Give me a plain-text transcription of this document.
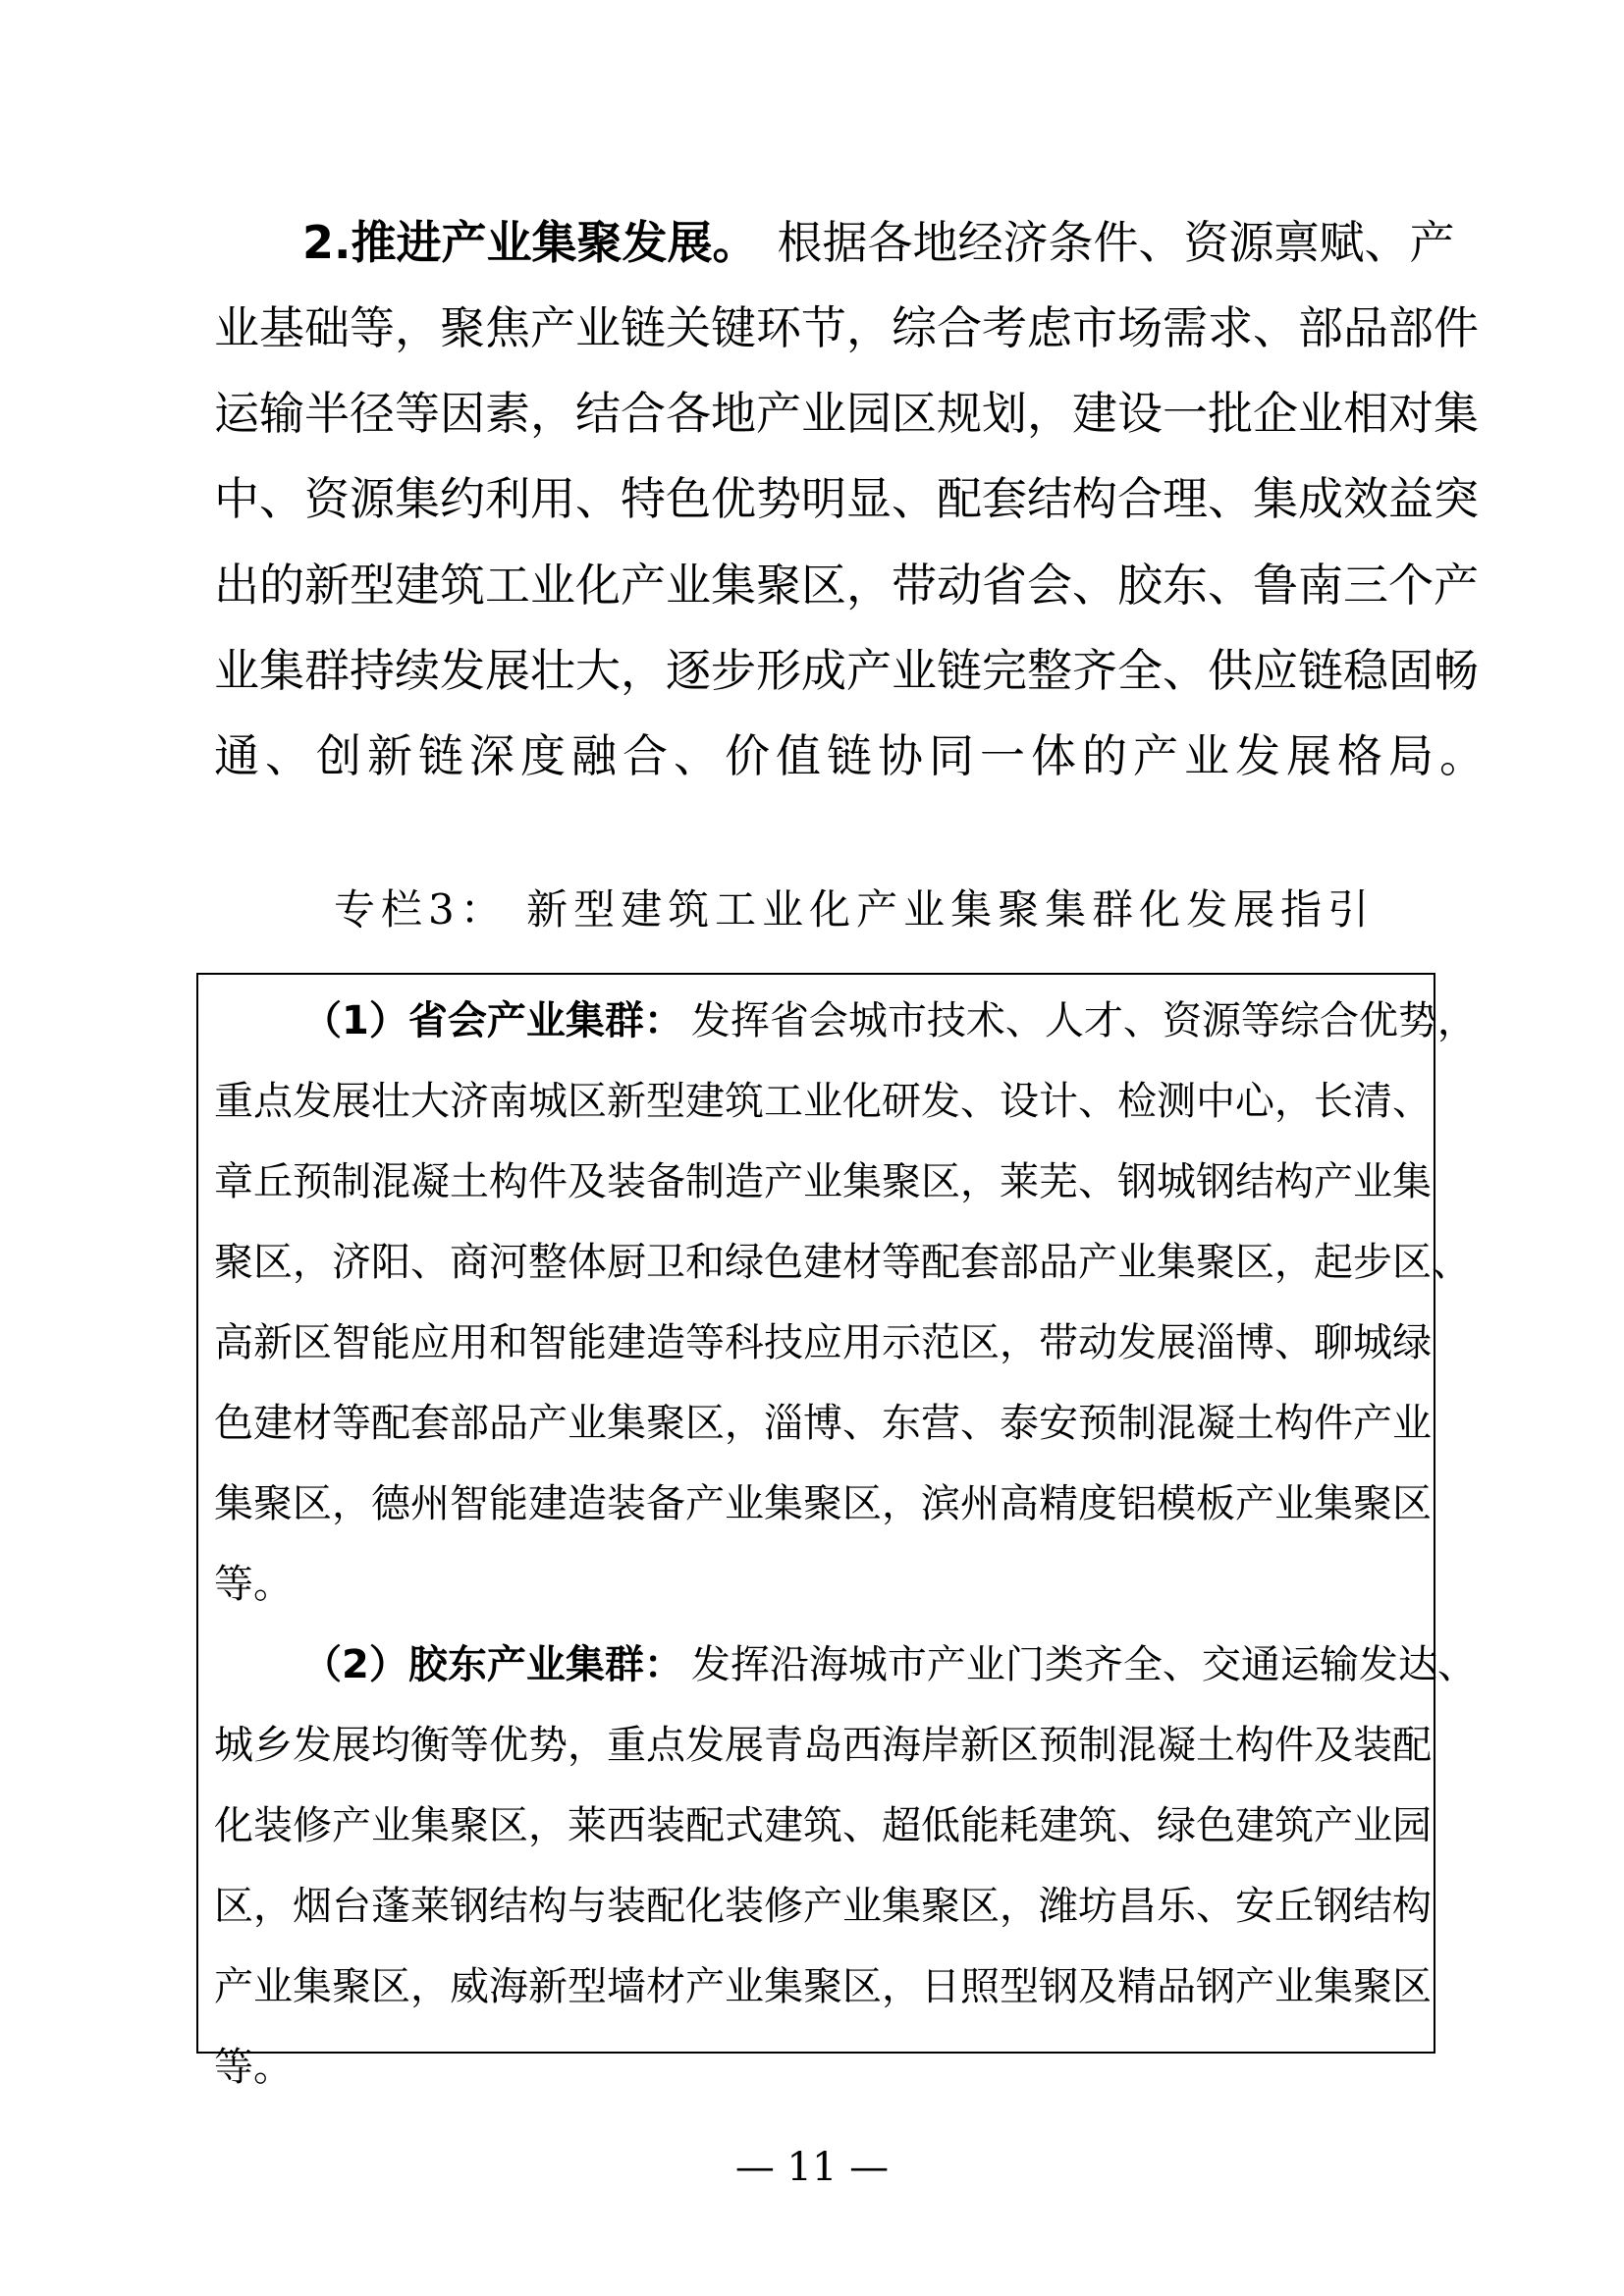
2.推进产业集聚发展。 根据各地经济条件、资源禀赋、产
业基础等，聚焦产业链关键环节，综合考虑市场需求、部品部件
运输半径等因素，结合各地产业园区规划，建设一批企业相对集
中、资源集约利用、特色优势明显、配套结构合理、集成效益突
出的新型建筑工业化产业集聚区，带动省会、胶东、鲁南三个产
业集群持续发展壮大，逐步形成产业链完整齐全、供应链稳固畅
通、创新链深度融合、价值链协同一体的产业发展格局。
专栏3： 新型建筑工业化产业集聚集群化发展指引
（1）省会产业集群： 发挥省会城市技术、人才、资源等综合优势，
重点发展壮大济南城区新型建筑工业化研发、设计、检测中心，长清、
章丘预制混凝土构件及装备制造产业集聚区，莱芜、钢城钢结构产业集
聚区，济阳、商河整体厨卫和绿色建材等配套部品产业集聚区，起步区、
高新区智能应用和智能建造等科技应用示范区，带动发展淄博、聊城绿
色建材等配套部品产业集聚区，淄博、东营、泰安预制混凝土构件产业
集聚区，德州智能建造装备产业集聚区，滨州高精度铝模板产业集聚区
等。
（2）胶东产业集群： 发挥沿海城市产业门类齐全、交通运输发达、
城乡发展均衡等优势，重点发展青岛西海岸新区预制混凝土构件及装配
化装修产业集聚区，莱西装配式建筑、超低能耗建筑、绿色建筑产业园
区，烟台蓬莱钢结构与装配化装修产业集聚区，潍坊昌乐、安丘钢结构
产业集聚区，威海新型墙材产业集聚区，日照型钢及精品钢产业集聚区
等。
— 11 —
